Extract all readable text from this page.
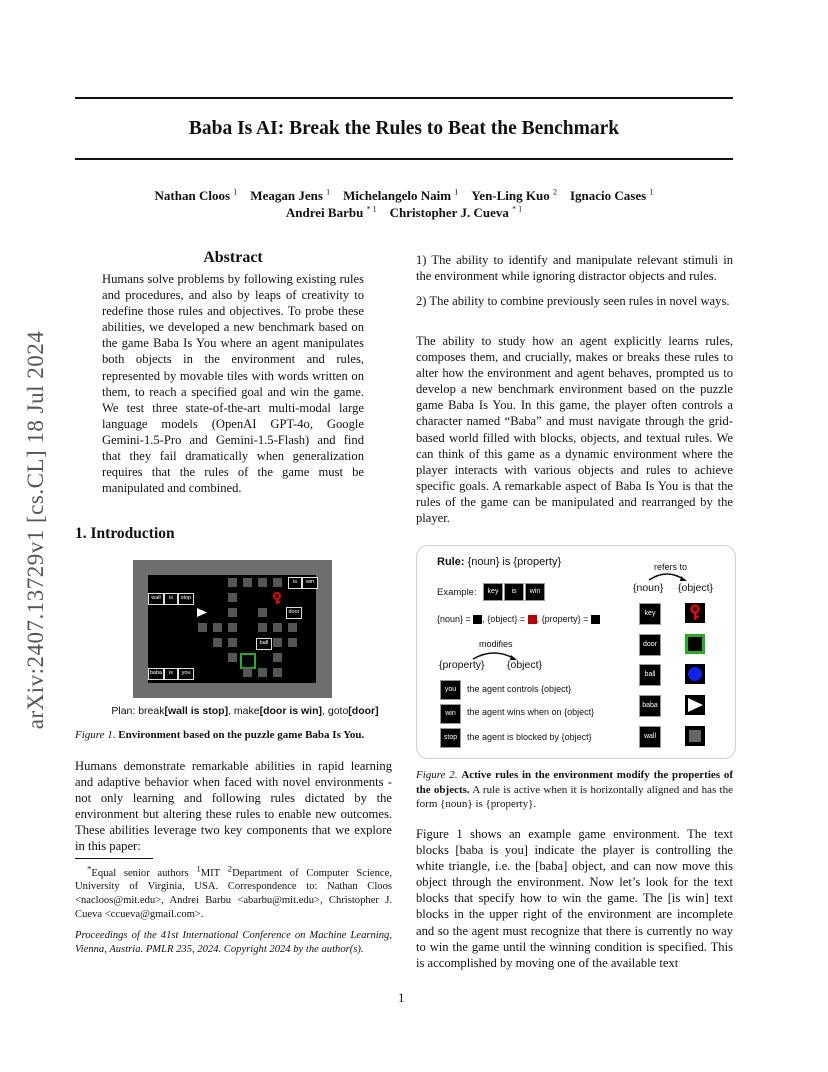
arXiv:2407.13729v1 [cs.CL] 18 Jul 2024
Baba Is AI: Break the Rules to Beat the Benchmark
Nathan Cloos $^1$  Meagan Jens $^1$  Michelangelo Naim $^1$  Yen-Ling Kuo $^2$  Ignacio Cases $^1$
Andrei Barbu $^{* 1}$  Christopher J. Cueva $^{* 1}$
Abstract
Humans solve problems by following existing rules and procedures, and also by leaps of creativity to redefine those rules and objectives. To probe these abilities, we developed a new benchmark based on the game Baba Is You where an agent manipulates both objects in the environment and rules, represented by movable tiles with words written on them, to reach a specified goal and win the game. We test three state-of-the-art multi-modal large language models (OpenAI GPT-4o, Google Gemini-1.5-Pro and Gemini-1.5-Flash) and find that they fail dramatically when generalization requires that the rules of the game must be manipulated and combined.
1. Introduction
wall	is	stop
is	win
door
ball
baba	is	you
Plan: break[wall is stop], make[door is win], goto[door]
Figure 1. Environment based on the puzzle game Baba Is You.
Humans demonstrate remarkable abilities in rapid learning and adaptive behavior when faced with novel environments - not only learning and following rules dictated by the environment but altering these rules to enable new outcomes. These abilities leverage two key components that we explore in this paper:
*Equal senior authors $^1$MIT $^2$Department of Computer Science, University of Virginia, USA. Correspondence to: Nathan Cloos <nacloos@mit.edu>, Andrei Barbu <abarbu@mit.edu>, Christopher J. Cueva <ccueva@gmail.com>.
Proceedings of the 41st International Conference on Machine Learning, Vienna, Austria. PMLR 235, 2024. Copyright 2024 by the author(s).
1) The ability to identify and manipulate relevant stimuli in the environment while ignoring distractor objects and rules.
2) The ability to combine previously seen rules in novel ways.
The ability to study how an agent explicitly learns rules, composes them, and crucially, makes or breaks these rules to alter how the environment and agent behaves, prompted us to develop a new benchmark environment based on the puzzle game Baba Is You. In this game, the player often controls a character named “Baba” and must navigate through the grid-based world filled with blocks, objects, and textual rules. We can think of this game as a dynamic environment where the player interacts with various objects and rules to achieve specific goals. A remarkable aspect of Baba Is You is that the rules of the game can be manipulated and rearranged by the player.
Rule: {noun} is {property}
Example:	key	is	win
{noun} = , {object} = , {property} =
refers to
{noun} {object}
modifies
{property} {object}
you	the agent controls {object}
win	the agent wins when on {object}
stop	the agent is blocked by {object}
key
door
ball
baba
wall
Figure 2. Active rules in the environment modify the properties of the objects. A rule is active when it is horizontally aligned and has the form {noun} is {property}.
Figure 1 shows an example game environment. The text blocks [baba is you] indicate the player is controlling the white triangle, i.e. the [baba] object, and can now move this object through the environment. Now let’s look for the text blocks that specify how to win the game. The [is win] text blocks in the upper right of the environment are incomplete and so the agent must recognize that there is currently no way to win the game until the winning condition is specified. This is accomplished by moving one of the available text
1
